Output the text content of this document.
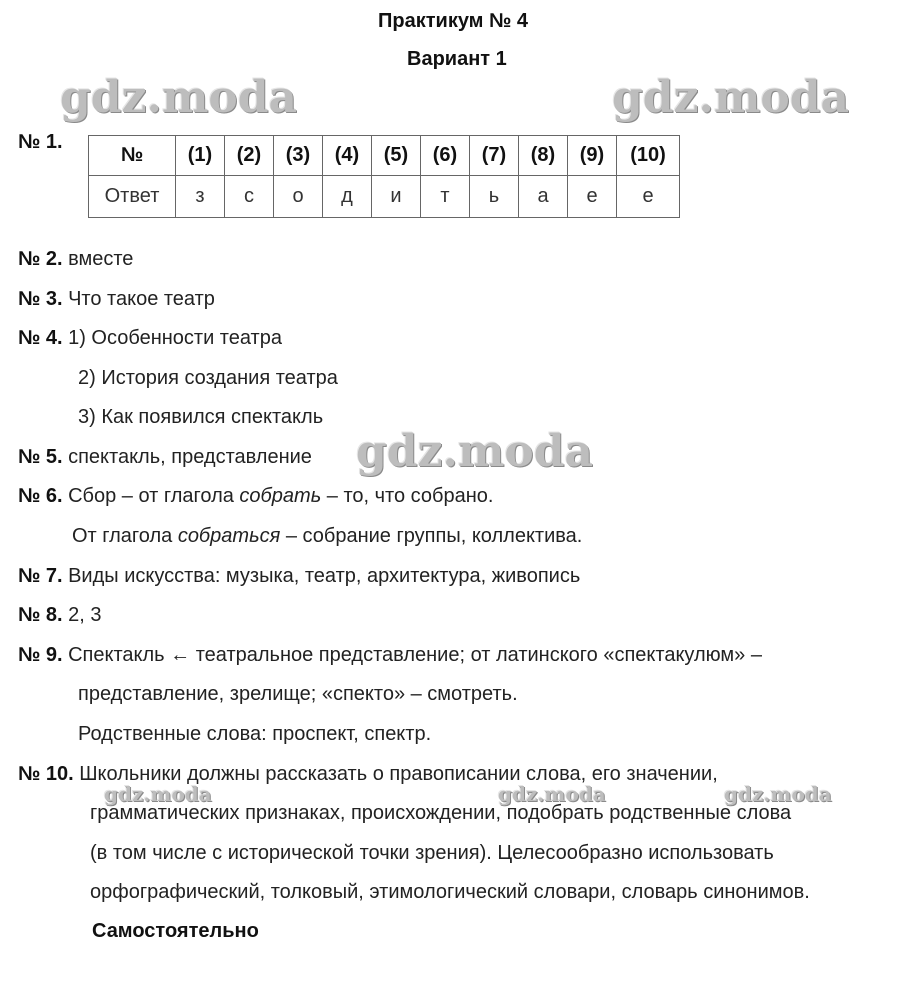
Практикум № 4
Вариант 1
№ 1.
№	(1)	(2)	(3)	(4)	(5)	(6)	(7)	(8)	(9)	(10)
Ответ	з	с	о	д	и	т	ь	а	е	е
№ 2. вместе
№ 3. Что такое театр
№ 4. 1) Особенности театра
2) История создания театра
3) Как появился спектакль
№ 5. спектакль, представление
№ 6. Сбор – от глагола собрать – то, что собрано.
От глагола собраться – собрание группы, коллектива.
№ 7. Виды искусства: музыка, театр, архитектура, живопись
№ 8. 2, 3
№ 9. Спектакль ← театральное представление; от латинского «спектакулюм» –
представление, зрелище; «спекто» – смотреть.
Родственные слова: проспект, спектр.
№ 10. Школьники должны рассказать о правописании слова, его значении,
грамматических признаках, происхождении, подобрать родственные слова
(в том числе с исторической точки зрения). Целесообразно использовать
орфографический, толковый, этимологический словари, словарь синонимов.
Самостоятельно
gdz.moda	gdz.moda
gdz.moda
gdz.moda	gdz.moda	gdz.moda
